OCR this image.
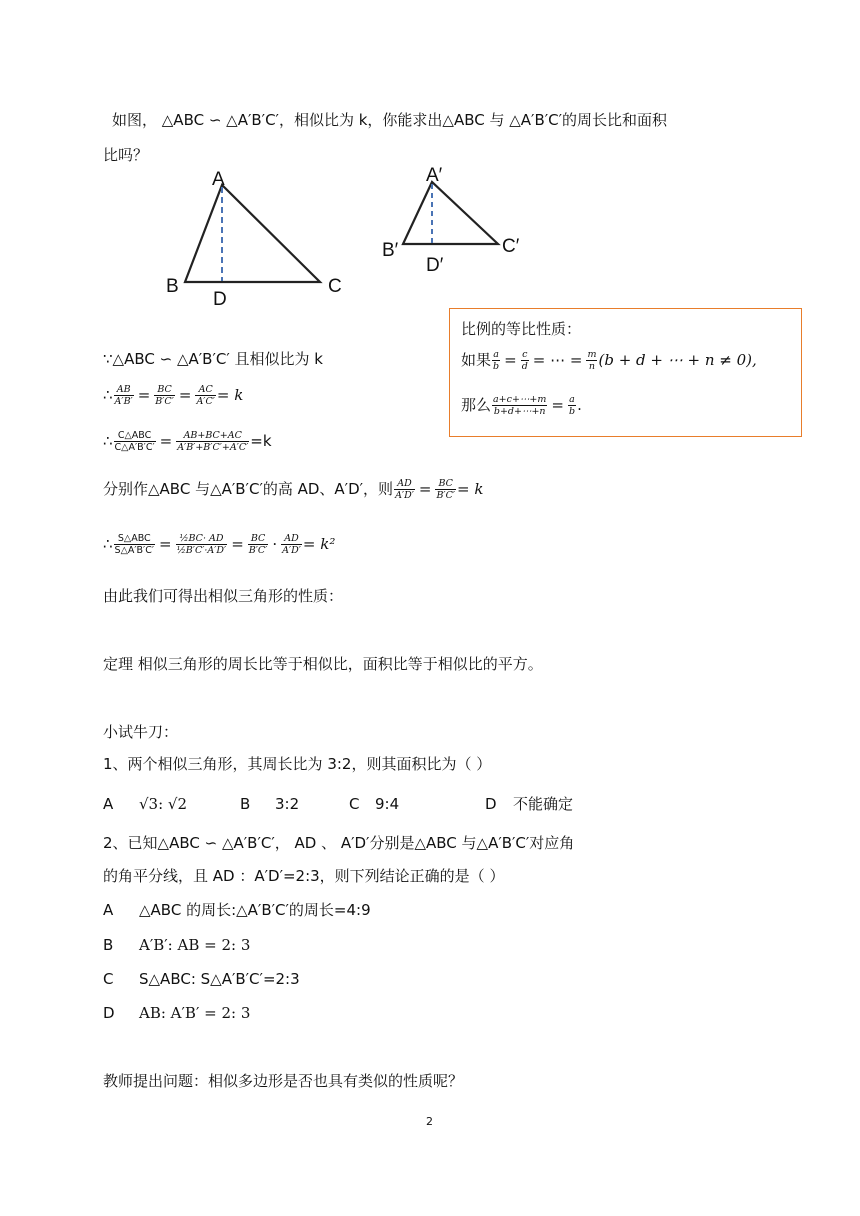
如图， △ABC ∽ △A′B′C′，相似比为 k，你能求出△ABC 与 △A′B′C′的周长比和面积
比吗？
A
B	C
D
A′
B′	C′
D′
比例的等比性质：
如果 $\frac{a}{b} = \frac{c}{d}$ = ⋯ = $\frac{m}{n} (b + d$ + ⋯ + n ≠ 0),
那么 $\frac{a+c+\cdots+m}{b+d+\cdots+n} = \frac{a}{b}$ .
∵△ABC ∽ △A′B′C′ 且相似比为 k
∴ $\frac{AB}{A'B'} = \frac{BC}{B'C'} = \frac{AC}{A'C'} = k$
∴ $\frac{\text{C△ABC}}{C\triangle A'B'C'} = \frac{AB+BC+AC}{A'B'+B'C'+A'C'} =k$
分别作△ABC 与△A′B′C′的高 AD、A′D′，则 $\frac{AD}{A'D'} = \frac{BC}{B'C'} = k$
∴ $\frac{\text{S△ABC}}{S\triangle A'B'C'} = \frac{\text{½BC· AD}}{\text{½B′C′·A′D′}} = \frac{BC}{B'C'} \cdot \frac{AD}{A'D'} = k^2$
由此我们可得出相似三角形的性质：
定理 相似三角形的周长比等于相似比，面积比等于相似比的平方。
小试牛刀：
1、两个相似三角形，其周长比为 3:2，则其面积比为（ ）
A √3: √2	B 3:2	C 9:4	D 不能确定
2、已知△ABC ∽ △A′B′C′， AD 、 A′D′分别是△ABC 与△A′B′C′对应角
的角平分线，且 AD ：A′D′=2:3，则下列结论正确的是（ ）
A △ABC 的周长:△A′B′C′的周长=4:9
B A′B′: AB = 2: 3
C S△ABC: S△A′B′C′=2:3
D AB: A′B′ = 2: 3
教师提出问题：相似多边形是否也具有类似的性质呢？
2
